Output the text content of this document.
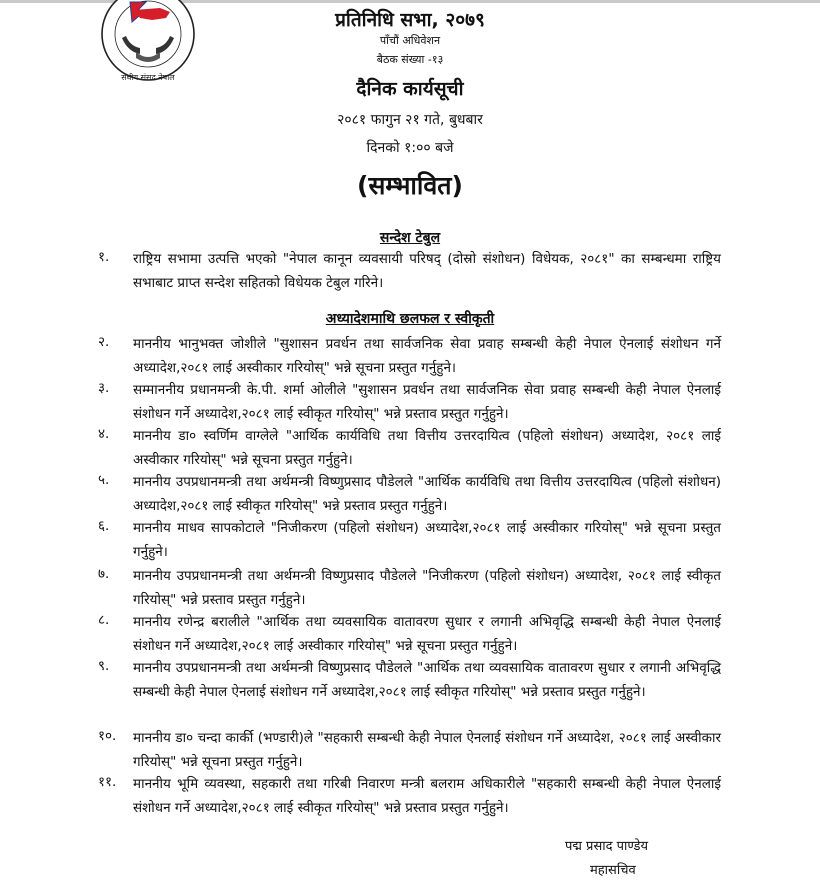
संघीय संसद नेपाल
प्रतिनिधि सभा, २०७९
पाँचौं अधिवेशन
बैठक संख्या -१३
दैनिक कार्यसूची
२०८१ फागुन २१ गते, बुधबार
दिनको १:०० बजे
(सम्भावित)
सन्देश टेबुल
१.	राष्ट्रिय सभामा उत्पत्ति भएको "नेपाल कानून व्यवसायी परिषद् (दोस्रो संशोधन) विधेयक, २०८१" का सम्बन्धमा राष्ट्रिय सभाबाट प्राप्त सन्देश सहितको विधेयक टेबुल गरिने।
अध्यादेशमाथि छलफल र स्वीकृती
२.	माननीय भानुभक्त जोशीले "सुशासन प्रवर्धन तथा सार्वजनिक सेवा प्रवाह सम्बन्धी केही नेपाल ऐनलाई संशोधन गर्ने अध्यादेश,२०८१ लाई अस्वीकार गरियोस्" भन्ने सूचना प्रस्तुत गर्नुहुने।
३.	सम्माननीय प्रधानमन्त्री के.पी. शर्मा ओलीले "सुशासन प्रवर्धन तथा सार्वजनिक सेवा प्रवाह सम्बन्धी केही नेपाल ऐनलाई संशोधन गर्ने अध्यादेश,२०८१ लाई स्वीकृत गरियोस्" भन्ने प्रस्ताव प्रस्तुत गर्नुहुने।
४.	माननीय डा० स्वर्णिम वाग्लेले "आर्थिक कार्यविधि तथा वित्तीय उत्तरदायित्व (पहिलो संशोधन) अध्यादेश, २०८१ लाई अस्वीकार गरियोस्" भन्ने सूचना प्रस्तुत गर्नुहुने।
५.	माननीय उपप्रधानमन्त्री तथा अर्थमन्त्री विष्णुप्रसाद पौडेलले "आर्थिक कार्यविधि तथा वित्तीय उत्तरदायित्व (पहिलो संशोधन) अध्यादेश,२०८१ लाई स्वीकृत गरियोस्" भन्ने प्रस्ताव प्रस्तुत गर्नुहुने।
६.	माननीय माधव सापकोटाले "निजीकरण (पहिलो संशोधन) अध्यादेश,२०८१ लाई अस्वीकार गरियोस्" भन्ने सूचना प्रस्तुत गर्नुहुने।
७.	माननीय उपप्रधानमन्त्री तथा अर्थमन्त्री विष्णुप्रसाद पौडेलले "निजीकरण (पहिलो संशोधन) अध्यादेश, २०८१ लाई स्वीकृत गरियोस्" भन्ने प्रस्ताव प्रस्तुत गर्नुहुने।
८.	माननीय रणेन्द्र बरालीले "आर्थिक तथा व्यवसायिक वातावरण सुधार र लगानी अभिवृद्धि सम्बन्धी केही नेपाल ऐनलाई संशोधन गर्ने अध्यादेश,२०८१ लाई अस्वीकार गरियोस्" भन्ने सूचना प्रस्तुत गर्नुहुने।
९.	माननीय उपप्रधानमन्त्री तथा अर्थमन्त्री विष्णुप्रसाद पौडेलले "आर्थिक तथा व्यवसायिक वातावरण सुधार र लगानी अभिवृद्धि सम्बन्धी केही नेपाल ऐनलाई संशोधन गर्ने अध्यादेश,२०८१ लाई स्वीकृत गरियोस्" भन्ने प्रस्ताव प्रस्तुत गर्नुहुने।
१०.	माननीय डा० चन्दा कार्की (भण्डारी)ले "सहकारी सम्बन्धी केही नेपाल ऐनलाई संशोधन गर्ने अध्यादेश, २०८१ लाई अस्वीकार गरियोस्" भन्ने सूचना प्रस्तुत गर्नुहुने।
११.	माननीय भूमि व्यवस्था, सहकारी तथा गरिबी निवारण मन्त्री बलराम अधिकारीले "सहकारी सम्बन्धी केही नेपाल ऐनलाई संशोधन गर्ने अध्यादेश,२०८१ लाई स्वीकृत गरियोस्" भन्ने प्रस्ताव प्रस्तुत गर्नुहुने।
पद्म प्रसाद पाण्डेय
महासचिव
